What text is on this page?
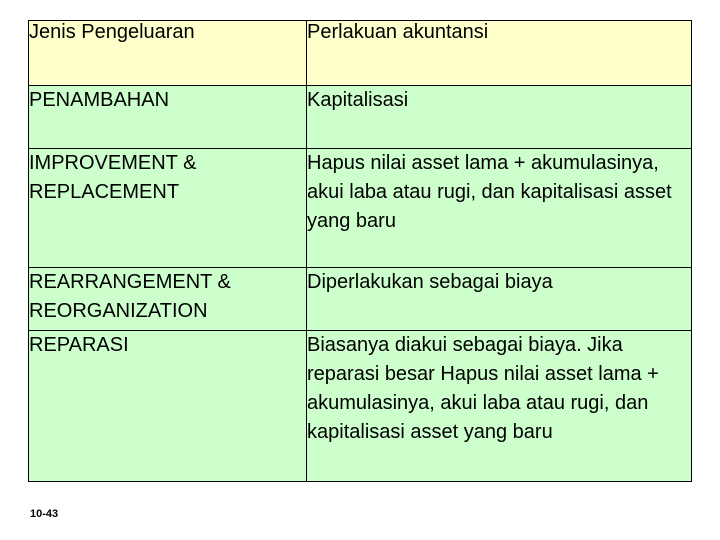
Jenis Pengeluaran	Perlakuan akuntansi
PENAMBAHAN	Kapitalisasi
IMPROVEMENT & REPLACEMENT	Hapus nilai asset lama + akumulasinya, akui laba atau rugi, dan kapitalisasi asset yang baru
REARRANGEMENT & REORGANIZATION	Diperlakukan sebagai biaya
REPARASI	Biasanya diakui sebagai biaya. Jika reparasi besar Hapus nilai asset lama + akumulasinya, akui laba atau rugi, dan kapitalisasi asset yang baru
10-43
